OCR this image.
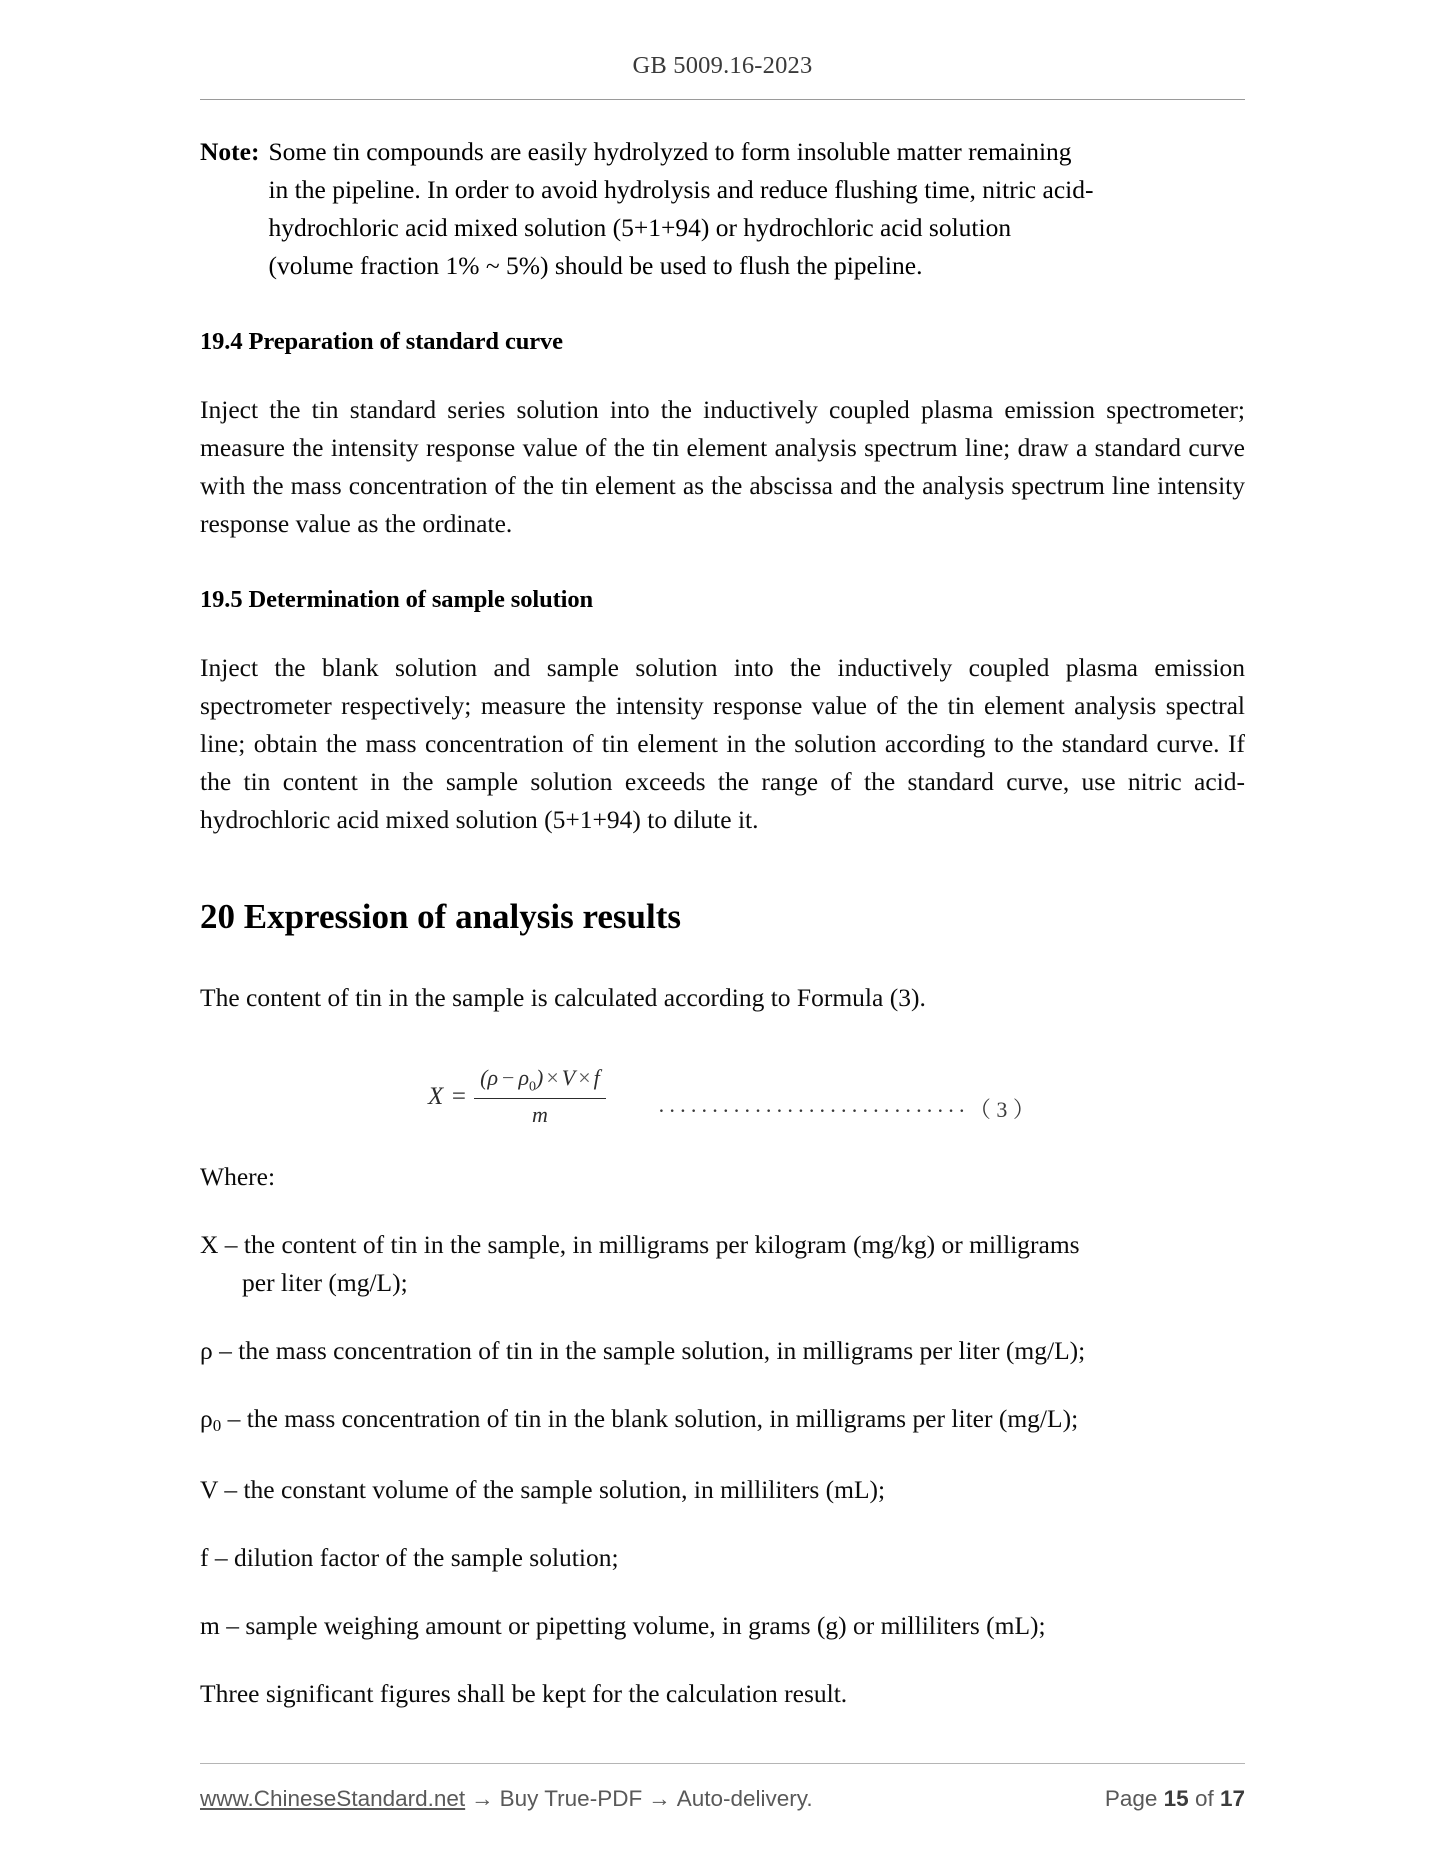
GB 5009.16-2023
Note: Some tin compounds are easily hydrolyzed to form insoluble matter remaining
in the pipeline. In order to avoid hydrolysis and reduce flushing time, nitric acid-
hydrochloric acid mixed solution (5+1+94) or hydrochloric acid solution
(volume fraction 1% ~ 5%) should be used to flush the pipeline.
19.4 Preparation of standard curve

Inject the tin standard series solution into the inductively coupled plasma emission spectrometer; measure the intensity response value of the tin element analysis spectrum line; draw a standard curve with the mass concentration of the tin element as the abscissa and the analysis spectrum line intensity response value as the ordinate.

19.5 Determination of sample solution

Inject the blank solution and sample solution into the inductively coupled plasma emission spectrometer respectively; measure the intensity response value of the tin element analysis spectral line; obtain the mass concentration of tin element in the solution according to the standard curve. If the tin content in the sample solution exceeds the range of the standard curve, use nitric acid-hydrochloric acid mixed solution (5+1+94) to dilute it.

20 Expression of analysis results

The content of tin in the sample is calculated according to Formula (3).

$X = \frac{(\rho - \rho_0) \times V \times f}{m}$ ····························· （ 3 ）

Where:

X – the content of tin in the sample, in milligrams per kilogram (mg/kg) or milligrams
per liter (mg/L);
ρ – the mass concentration of tin in the sample solution, in milligrams per liter (mg/L);
ρ0 – the mass concentration of tin in the blank solution, in milligrams per liter (mg/L);
V – the constant volume of the sample solution, in milliliters (mL);
f – dilution factor of the sample solution;
m – sample weighing amount or pipetting volume, in grams (g) or milliliters (mL);

Three significant figures shall be kept for the calculation result.

www.ChineseStandard.net → Buy True-PDF → Auto-delivery.	Page 15 of 17
